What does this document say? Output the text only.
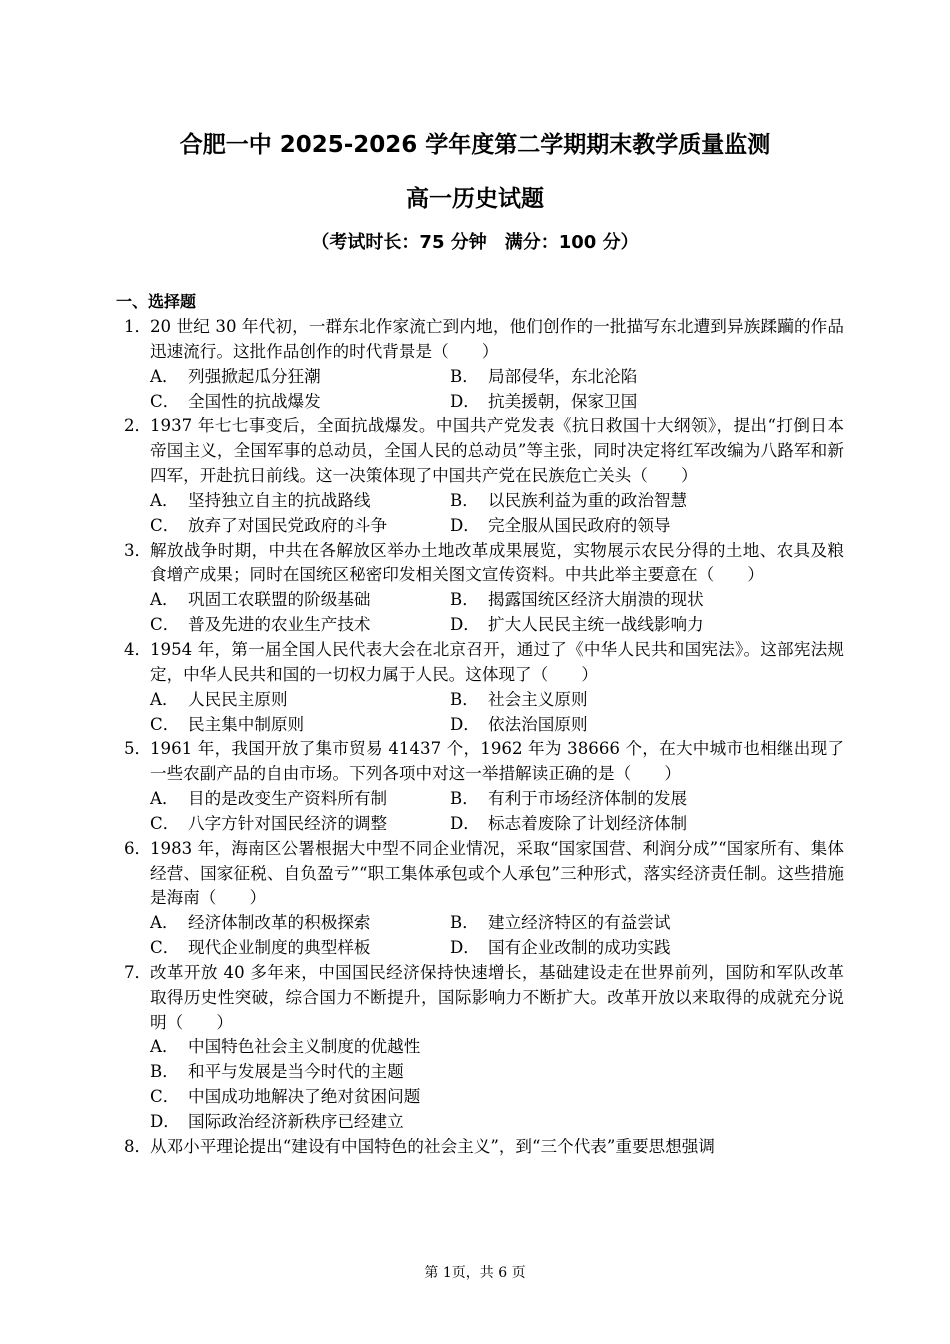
合肥一中 2025-2026 学年度第二学期期末教学质量监测
高一历史试题
（考试时长：75 分钟　满分：100 分）
一、选择题
1．
20 世纪 30 年代初，一群东北作家流亡到内地，他们创作的一批描写东北遭到异族蹂躏的作品迅速流行。这批作品创作的时代背景是（　　）
A． 列强掀起瓜分狂潮	B． 局部侵华，东北沦陷
C． 全国性的抗战爆发	D． 抗美援朝，保家卫国
2．
1937 年七七事变后，全面抗战爆发。中国共产党发表《抗日救国十大纲领》，提出“打倒日本帝国主义，全国军事的总动员，全国人民的总动员”等主张，同时决定将红军改编为八路军和新四军，开赴抗日前线。这一决策体现了中国共产党在民族危亡关头（　　）
A． 坚持独立自主的抗战路线	B． 以民族利益为重的政治智慧
C． 放弃了对国民党政府的斗争	D． 完全服从国民政府的领导
3．
解放战争时期，中共在各解放区举办土地改革成果展览，实物展示农民分得的土地、农具及粮食增产成果；同时在国统区秘密印发相关图文宣传资料。中共此举主要意在（　　）
A． 巩固工农联盟的阶级基础	B． 揭露国统区经济大崩溃的现状
C． 普及先进的农业生产技术	D． 扩大人民民主统一战线影响力
4．
1954 年，第一届全国人民代表大会在北京召开，通过了《中华人民共和国宪法》。这部宪法规定，中华人民共和国的一切权力属于人民。这体现了（　　）
A． 人民民主原则	B． 社会主义原则
C． 民主集中制原则	D． 依法治国原则
5．
1961 年，我国开放了集市贸易 41437 个，1962 年为 38666 个，在大中城市也相继出现了一些农副产品的自由市场。下列各项中对这一举措解读正确的是（　　）
A． 目的是改变生产资料所有制	B． 有利于市场经济体制的发展
C． 八字方针对国民经济的调整	D． 标志着废除了计划经济体制
6．
1983 年，海南区公署根据大中型不同企业情况，采取“国家国营、利润分成”“国家所有、集体经营、国家征税、自负盈亏”“职工集体承包或个人承包”三种形式，落实经济责任制。这些措施是海南（　　）
A． 经济体制改革的积极探索	B． 建立经济特区的有益尝试
C． 现代企业制度的典型样板	D． 国有企业改制的成功实践
7．
改革开放 40 多年来，中国国民经济保持快速增长，基础建设走在世界前列，国防和军队改革取得历史性突破，综合国力不断提升，国际影响力不断扩大。改革开放以来取得的成就充分说明（　　）
A． 中国特色社会主义制度的优越性
B． 和平与发展是当今时代的主题
C． 中国成功地解决了绝对贫困问题
D． 国际政治经济新秩序已经建立
8．
从邓小平理论提出“建设有中国特色的社会主义”，到“三个代表”重要思想强调
第 1页，共 6 页
